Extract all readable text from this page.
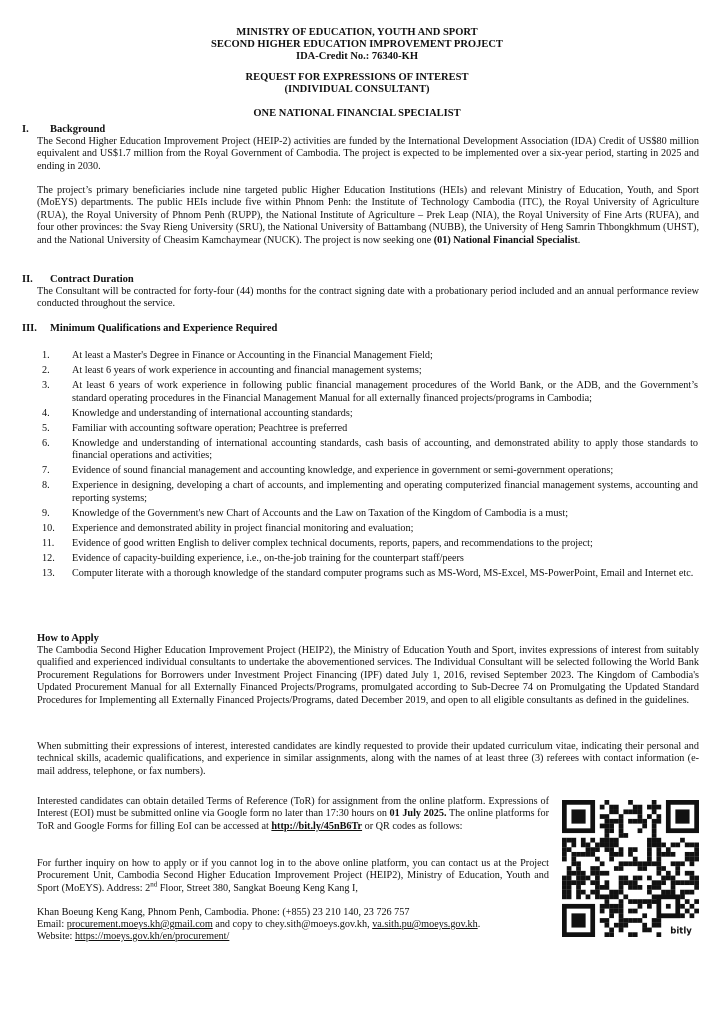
MINISTRY OF EDUCATION, YOUTH AND SPORT
SECOND HIGHER EDUCATION IMPROVEMENT PROJECT
IDA-Credit No.: 76340-KH
REQUEST FOR EXPRESSIONS OF INTEREST
(INDIVIDUAL CONSULTANT)
ONE NATIONAL FINANCIAL SPECIALIST
I. Background
The Second Higher Education Improvement Project (HEIP-2) activities are funded by the International Development Association (IDA) Credit of US$80 million equivalent and US$1.7 million from the Royal Government of Cambodia. The project is expected to be implemented over a six-year period, starting in 2025 and ending in 2030.
The project’s primary beneficiaries include nine targeted public Higher Education Institutions (HEIs) and relevant Ministry of Education, Youth, and Sport (MoEYS) departments. The public HEIs include five within Phnom Penh: the Institute of Technology Cambodia (ITC), the Royal University of Agriculture (RUA), the Royal University of Phnom Penh (RUPP), the National Institute of Agriculture – Prek Leap (NIA), the Royal University of Fine Arts (RUFA), and four other provinces: the Svay Rieng University (SRU), the National University of Battambang (NUBB), the University of Heng Samrin Thbongkhmum (UHST), and the National University of Cheasim Kamchaymear (NUCK). The project is now seeking one (01) National Financial Specialist.
II. Contract Duration
The Consultant will be contracted for forty-four (44) months for the contract signing date with a probationary period included and an annual performance review conducted throughout the service.
III. Minimum Qualifications and Experience Required
1. At least a Master's Degree in Finance or Accounting in the Financial Management Field;
2. At least 6 years of work experience in accounting and financial management systems;
3. At least 6 years of work experience in following public financial management procedures of the World Bank, or the ADB, and the Government’s standard operating procedures in the Financial Management Manual for all externally financed projects/programs in Cambodia;
4. Knowledge and understanding of international accounting standards;
5. Familiar with accounting software operation; Peachtree is preferred
6. Knowledge and understanding of international accounting standards, cash basis of accounting, and demonstrated ability to apply those standards to financial operations and activities;
7. Evidence of sound financial management and accounting knowledge, and experience in government or semi-government operations;
8. Experience in designing, developing a chart of accounts, and implementing and operating computerized financial management systems, accounting and reporting systems;
9. Knowledge of the Government's new Chart of Accounts and the Law on Taxation of the Kingdom of Cambodia is a must;
10. Experience and demonstrated ability in project financial monitoring and evaluation;
11. Evidence of good written English to deliver complex technical documents, reports, papers, and recommendations to the project;
12. Evidence of capacity-building experience, i.e., on-the-job training for the counterpart staff/peers
13. Computer literate with a thorough knowledge of the standard computer programs such as MS-Word, MS-Excel, MS-PowerPoint, Email and Internet etc.
How to Apply
The Cambodia Second Higher Education Improvement Project (HEIP2), the Ministry of Education Youth and Sport, invites expressions of interest from suitably qualified and experienced individual consultants to undertake the abovementioned services. The Individual Consultant will be selected following the World Bank Procurement Regulations for Borrowers under Investment Project Financing (IPF) dated July 1, 2016, revised September 2023. The Kingdom of Cambodia's Updated Procurement Manual for all Externally Financed Projects/Programs, promulgated according to Sub-Decree 74 on Promulgating the Updated Standard Procedures for Implementing all Externally Financed Projects/Programs, dated December 2019, and open to all eligible consultants as defined in the guidelines.
When submitting their expressions of interest, interested candidates are kindly requested to provide their updated curriculum vitae, indicating their personal and technical skills, academic qualifications, and experience in similar assignments, along with the names of at least three (3) referees with contact information (e-mail address, telephone, or fax numbers).
Interested candidates can obtain detailed Terms of Reference (ToR) for assignment from the online platform. Expressions of Interest (EOI) must be submitted online via Google form no later than 17:30 hours on 01 July 2025. The online platforms for ToR and Google Forms for filling EoI can be accessed at http://bit.ly/45nB6Tr or QR codes as follows:
For further inquiry on how to apply or if you cannot log in to the above online platform, you can contact us at the Project Procurement Unit, Cambodia Second Higher Education Improvement Project (HEIP2), Ministry of Education, Youth and Sport (MoEYS). Address: 2nd Floor, Street 380, Sangkat Boeung Keng Kang I,
Khan Boeung Keng Kang, Phnom Penh, Cambodia. Phone: (+855) 23 210 140, 23 726 757
Email: procurement.moeys.kh@gmail.com and copy to chey.sith@moeys.gov.kh, va.sith.pu@moeys.gov.kh.
Website: https://moeys.gov.kh/en/procurement/	bitly
